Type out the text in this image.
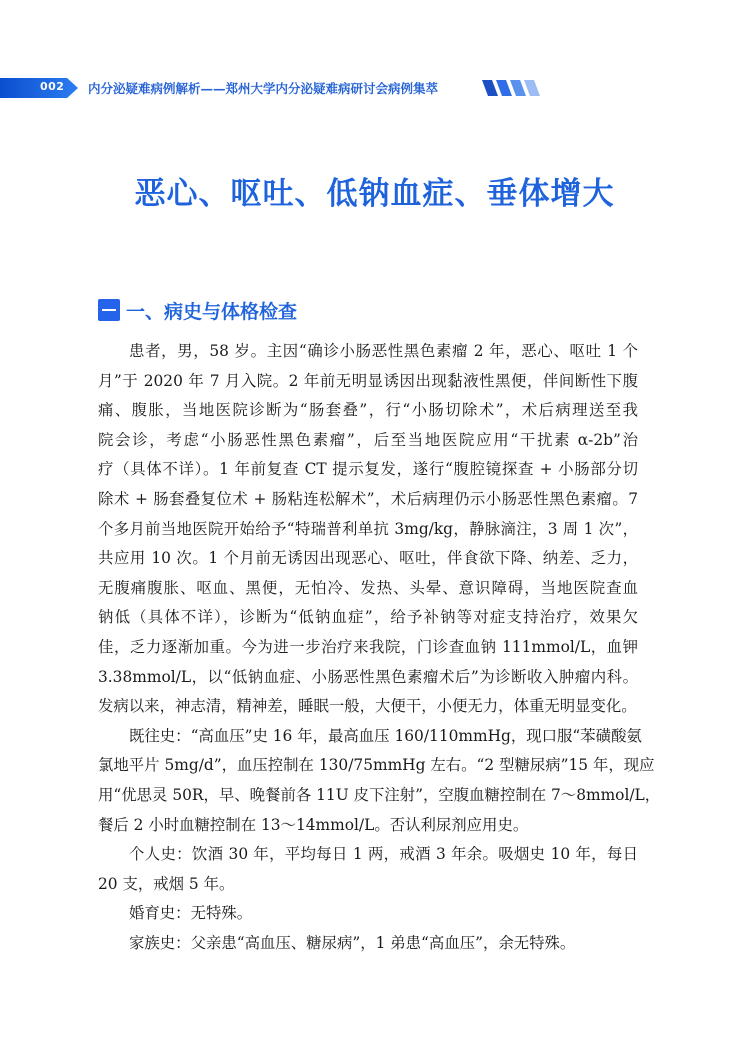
002 内分泌疑难病例解析——郑州大学内分泌疑难病研讨会病例集萃
恶心、呕吐、低钠血症、垂体增大
一、 病史与体格检查
患者，男，58 岁。主因“确诊小肠恶性黑色素瘤 2 年，恶心、呕吐 1 个
月”于 2020 年 7 月入院。2 年前无明显诱因出现黏液性黑便，伴间断性下腹
痛、腹胀，当地医院诊断为“肠套叠”，行“小肠切除术”，术后病理送至我
院会诊，考虑“小肠恶性黑色素瘤”，后至当地医院应用“干扰素 α-2b”治
疗（具体不详）。1 年前复查 CT 提示复发，遂行“腹腔镜探查 + 小肠部分切
除术 + 肠套叠复位术 + 肠粘连松解术”，术后病理仍示小肠恶性黑色素瘤。7
个多月前当地医院开始给予“特瑞普利单抗 3mg/kg，静脉滴注，3 周 1 次”，
共应用 10 次。1 个月前无诱因出现恶心、呕吐，伴食欲下降、纳差、乏力，
无腹痛腹胀、呕血、黑便，无怕冷、发热、头晕、意识障碍，当地医院查血
钠低（具体不详），诊断为“低钠血症”，给予补钠等对症支持治疗，效果欠
佳，乏力逐渐加重。今为进一步治疗来我院，门诊查血钠 111mmol/L，血钾
3.38mmol/L，以“低钠血症、小肠恶性黑色素瘤术后”为诊断收入肿瘤内科。
发病以来，神志清，精神差，睡眠一般，大便干，小便无力，体重无明显变化。
既往史：“高血压”史 16 年，最高血压 160/110mmHg，现口服“苯磺酸氨
氯地平片 5mg/d”，血压控制在 130/75mmHg 左右。“2 型糖尿病”15 年，现应
用“优思灵 50R，早、晚餐前各 11U 皮下注射”，空腹血糖控制在 7～8mmol/L，
餐后 2 小时血糖控制在 13～14mmol/L。否认利尿剂应用史。
个人史：饮酒 30 年，平均每日 1 两，戒酒 3 年余。吸烟史 10 年，每日
20 支，戒烟 5 年。
婚育史：无特殊。
家族史：父亲患“高血压、糖尿病”，1 弟患“高血压”，余无特殊。
